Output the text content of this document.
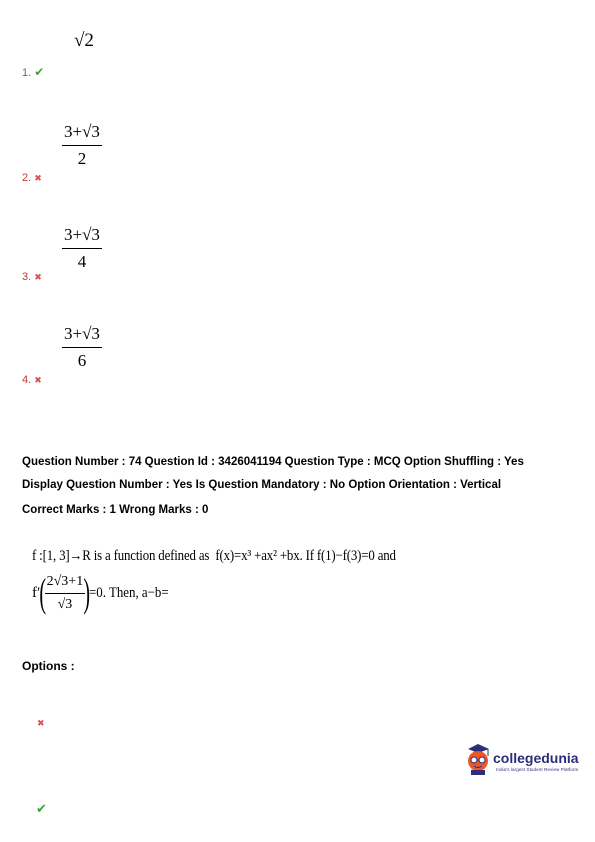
√2
1. ✔
3+√3
2
2. ✖
3+√3
4
3. ✖
3+√3
6
4. ✖
Question Number : 74 Question Id : 3426041194 Question Type : MCQ Option Shuffling : Yes
Display Question Number : Yes Is Question Mandatory : No Option Orientation : Vertical
Correct Marks : 1 Wrong Marks : 0
f :[1, 3]→R is a function defined as f(x)=x³ +ax² +bx. If f(1)−f(3)=0 and
f′ (
$\frac{2√3+1}{√3}$
)
=0. Then, a−b=
Options :
✖
✔
collegedunia
India's largest Student Review Platform
